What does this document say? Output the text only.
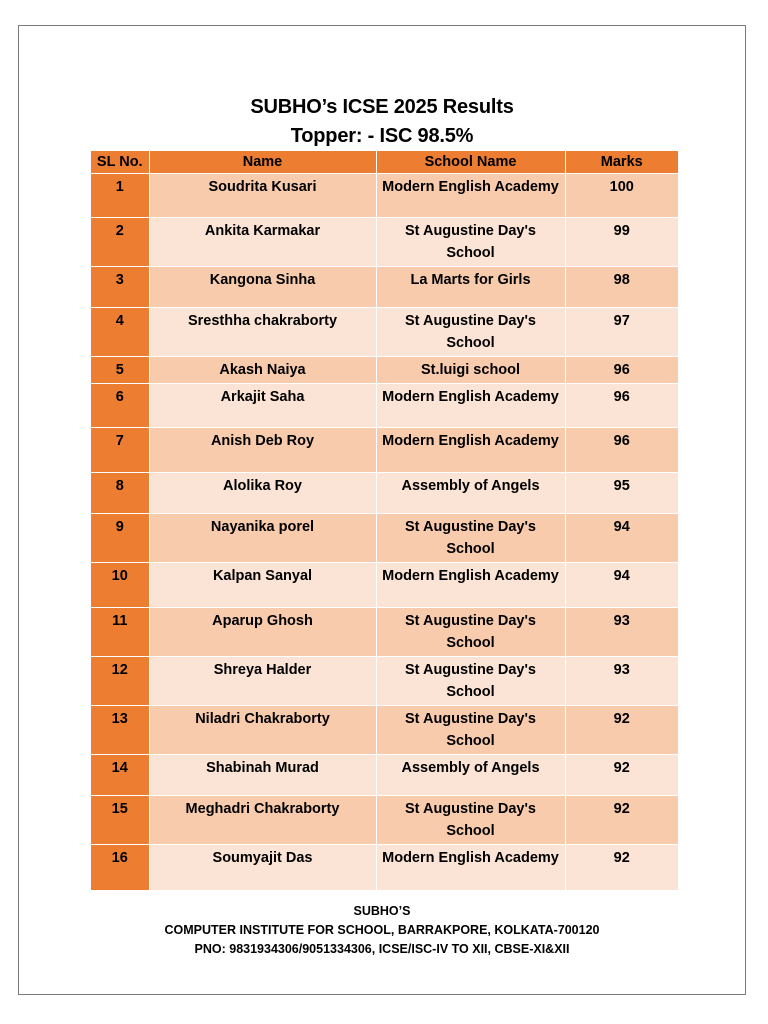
SUBHO’s ICSE 2025 Results
Topper: - ISC 98.5%
SL No.	Name	School Name	Marks
1	Soudrita Kusari	Modern English Academy	100
2	Ankita Karmakar	St Augustine Day's School	99
3	Kangona Sinha	La Marts for Girls	98
4	Sresthha chakraborty	St Augustine Day's School	97
5	Akash Naiya	St.luigi school	96
6	Arkajit Saha	Modern English Academy	96
7	Anish Deb Roy	Modern English Academy	96
8	Alolika Roy	Assembly of Angels	95
9	Nayanika porel	St Augustine Day's School	94
10	Kalpan Sanyal	Modern English Academy	94
11	Aparup Ghosh	St Augustine Day's School	93
12	Shreya Halder	St Augustine Day's School	93
13	Niladri Chakraborty	St Augustine Day's School	92
14	Shabinah Murad	Assembly of Angels	92
15	Meghadri Chakraborty	St Augustine Day's School	92
16	Soumyajit Das	Modern English Academy	92
SUBHO’S
COMPUTER INSTITUTE FOR SCHOOL, BARRAKPORE, KOLKATA-700120
PNO: 9831934306/9051334306, ICSE/ISC-IV TO XII, CBSE-XI&XII
